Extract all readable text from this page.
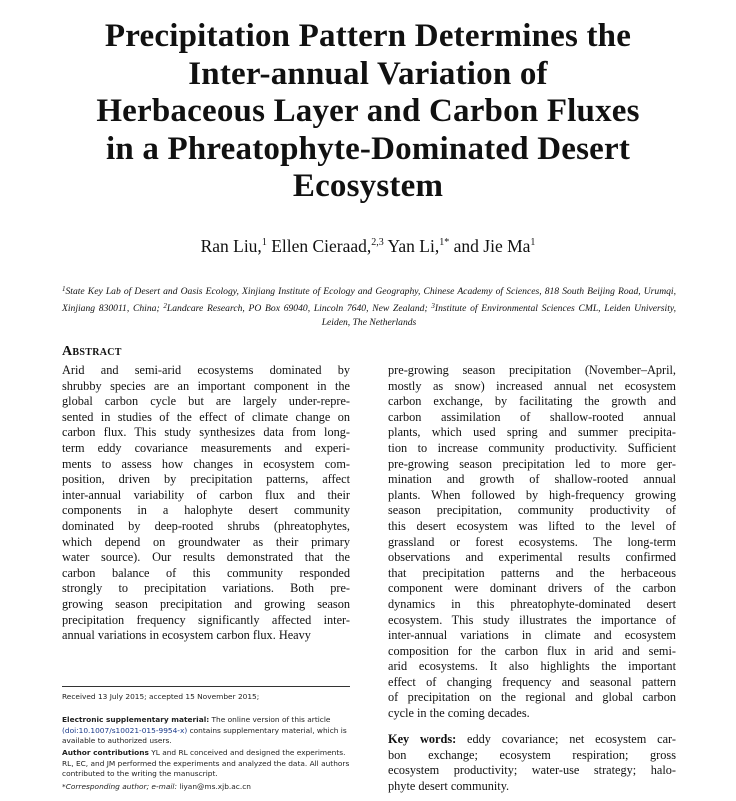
Precipitation Pattern Determines the
Inter-annual Variation of
Herbaceous Layer and Carbon Fluxes
in a Phreatophyte-Dominated Desert
Ecosystem
Ran Liu,$^1$ Ellen Cieraad,$^{2,3}$ Yan Li,$^{1*}$ and Jie Ma$^1$
$^1$State Key Lab of Desert and Oasis Ecology, Xinjiang Institute of Ecology and Geography, Chinese Academy of Sciences, 818 South Beijing Road, Urumqi, Xinjiang 830011, China; $^2$Landcare Research, PO Box 69040, Lincoln 7640, New Zealand; $^3$Institute of Environmental Sciences CML, Leiden University, Leiden, The Netherlands
Abstract
Arid and semi-arid ecosystems dominated by
shrubby species are an important component in the
global carbon cycle but are largely under-repre-
sented in studies of the effect of climate change on
carbon flux. This study synthesizes data from long-
term eddy covariance measurements and experi-
ments to assess how changes in ecosystem com-
position, driven by precipitation patterns, affect
inter-annual variability of carbon flux and their
components in a halophyte desert community
dominated by deep-rooted shrubs (phreatophytes,
which depend on groundwater as their primary
water source). Our results demonstrated that the
carbon balance of this community responded
strongly to precipitation variations. Both pre-
growing season precipitation and growing season
precipitation frequency significantly affected inter-
annual variations in ecosystem carbon flux. Heavy
pre-growing season precipitation (November–April,
mostly as snow) increased annual net ecosystem
carbon exchange, by facilitating the growth and
carbon assimilation of shallow-rooted annual
plants, which used spring and summer precipita-
tion to increase community productivity. Sufficient
pre-growing season precipitation led to more ger-
mination and growth of shallow-rooted annual
plants. When followed by high-frequency growing
season precipitation, community productivity of
this desert ecosystem was lifted to the level of
grassland or forest ecosystems. The long-term
observations and experimental results confirmed
that precipitation patterns and the herbaceous
component were dominant drivers of the carbon
dynamics in this phreatophyte-dominated desert
ecosystem. This study illustrates the importance of
inter-annual variations in climate and ecosystem
composition for the carbon flux in arid and semi-
arid ecosystems. It also highlights the important
effect of changing frequency and seasonal pattern
of precipitation on the regional and global carbon
cycle in the coming decades.
Received 13 July 2015; accepted 15 November 2015;
Electronic supplementary material: The online version of this article (doi:10.1007/s10021-015-9954-x) contains supplementary material, which is available to authorized users.
Author contributions YL and RL conceived and designed the experiments. RL, EC, and JM performed the experiments and analyzed the data. All authors contributed to the writing the manuscript.
*Corresponding author; e-mail: liyan@ms.xjb.ac.cn
Key words: eddy covariance; net ecosystem car-
bon exchange; ecosystem respiration; gross
ecosystem productivity; water-use strategy; halo-
phyte desert community.
